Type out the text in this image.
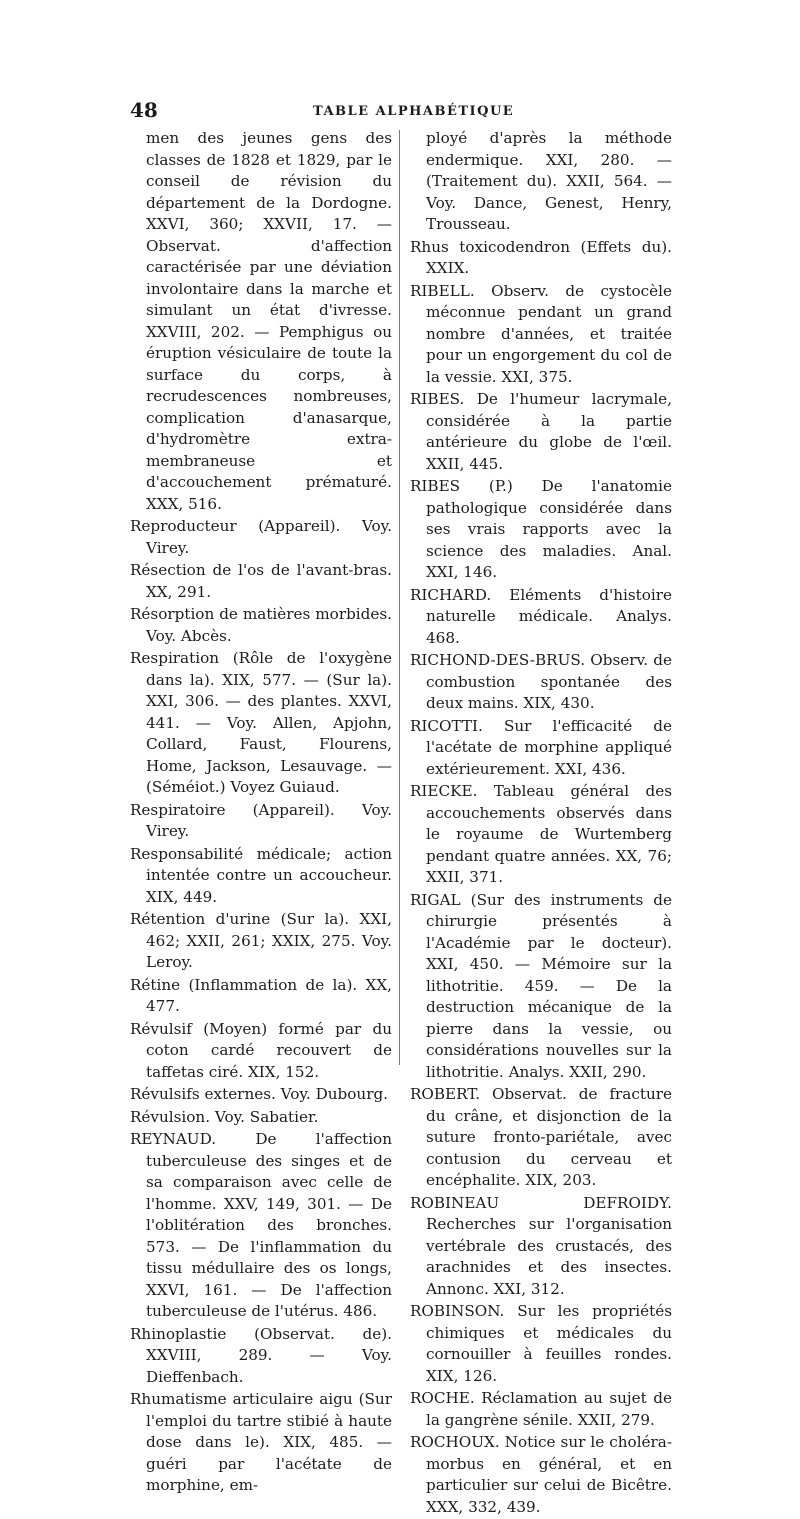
48	TABLE ALPHABÉTIQUE
men des jeunes gens des classes de 1828 et 1829, par le conseil de révision du département de la Dordogne. XXVI, 360; XXVII, 17. — Observat. d'affection caractérisée par une déviation involontaire dans la marche et simulant un état d'ivresse. XXVIII, 202. — Pemphigus ou éruption vésiculaire de toute la surface du corps, à recrudescences nombreuses, complication d'anasarque, d'hydromètre extra-membraneuse et d'accouchement prématuré. XXX, 516.
Reproducteur (Appareil). Voy. Virey.
Résection de l'os de l'avant-bras. XX, 291.
Résorption de matières morbides. Voy. Abcès.
Respiration (Rôle de l'oxygène dans la). XIX, 577. — (Sur la). XXI, 306. — des plantes. XXVI, 441. — Voy. Allen, Apjohn, Collard, Faust, Flourens, Home, Jackson, Lesauvage. — (Séméiot.) Voyez Guiaud.
Respiratoire (Appareil). Voy. Virey.
Responsabilité médicale; action intentée contre un accoucheur. XIX, 449.
Rétention d'urine (Sur la). XXI, 462; XXII, 261; XXIX, 275. Voy. Leroy.
Rétine (Inflammation de la). XX, 477.
Révulsif (Moyen) formé par du coton cardé recouvert de taffetas ciré. XIX, 152.
Révulsifs externes. Voy. Dubourg.
Révulsion. Voy. Sabatier.
REYNAUD. De l'affection tuberculeuse des singes et de sa comparaison avec celle de l'homme. XXV, 149, 301. — De l'oblitération des bronches. 573. — De l'inflammation du tissu médullaire des os longs, XXVI, 161. — De l'affection tuberculeuse de l'utérus. 486.
Rhinoplastie (Observat. de). XXVIII, 289. — Voy. Dieffenbach.
Rhumatisme articulaire aigu (Sur l'emploi du tartre stibié à haute dose dans le). XIX, 485. — guéri par l'acétate de morphine, em-
ployé d'après la méthode endermique. XXI, 280. — (Traitement du). XXII, 564. — Voy. Dance, Genest, Henry, Trousseau.
Rhus toxicodendron (Effets du). XXIX.
RIBELL. Observ. de cystocèle méconnue pendant un grand nombre d'années, et traitée pour un engorgement du col de la vessie. XXI, 375.
RIBES. De l'humeur lacrymale, considérée à la partie antérieure du globe de l'œil. XXII, 445.
RIBES (P.) De l'anatomie pathologique considérée dans ses vrais rapports avec la science des maladies. Anal. XXI, 146.
RICHARD. Eléments d'histoire naturelle médicale. Analys. 468.
RICHOND-DES-BRUS. Observ. de combustion spontanée des deux mains. XIX, 430.
RICOTTI. Sur l'efficacité de l'acétate de morphine appliqué extérieurement. XXI, 436.
RIECKE. Tableau général des accouchements observés dans le royaume de Wurtemberg pendant quatre années. XX, 76; XXII, 371.
RIGAL (Sur des instruments de chirurgie présentés à l'Académie par le docteur). XXI, 450. — Mémoire sur la lithotritie. 459. — De la destruction mécanique de la pierre dans la vessie, ou considérations nouvelles sur la lithotritie. Analys. XXII, 290.
ROBERT. Observat. de fracture du crâne, et disjonction de la suture fronto-pariétale, avec contusion du cerveau et encéphalite. XIX, 203.
ROBINEAU DEFROIDY. Recherches sur l'organisation vertébrale des crustacés, des arachnides et des insectes. Annonc. XXI, 312.
ROBINSON. Sur les propriétés chimiques et médicales du cornouiller à feuilles rondes. XIX, 126.
ROCHE. Réclamation au sujet de la gangrène sénile. XXII, 279.
ROCHOUX. Notice sur le choléra-morbus en général, et en particulier sur celui de Bicêtre. XXX, 332, 439.
